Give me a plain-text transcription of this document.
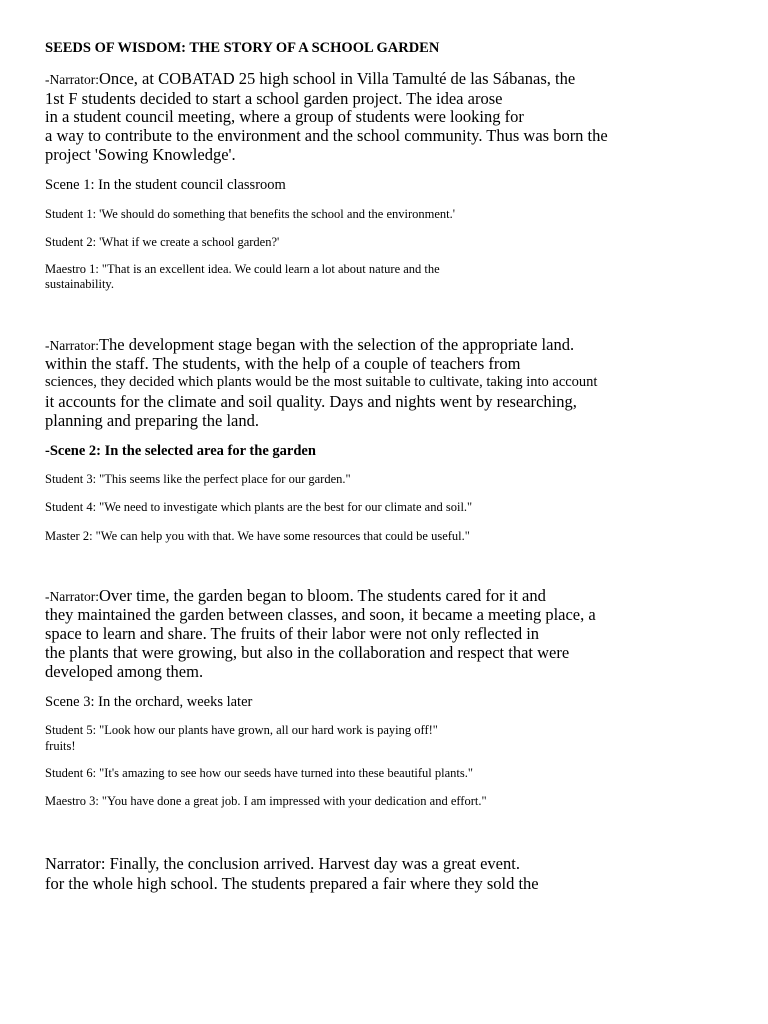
SEEDS OF WISDOM: THE STORY OF A SCHOOL GARDEN
-Narrator:Once, at COBATAD 25 high school in Villa Tamulté de las Sábanas, the
1st F students decided to start a school garden project. The idea arose
in a student council meeting, where a group of students were looking for
a way to contribute to the environment and the school community. Thus was born the
project 'Sowing Knowledge'.
Scene 1: In the student council classroom
Student 1: 'We should do something that benefits the school and the environment.'
Student 2: 'What if we create a school garden?'
Maestro 1: "That is an excellent idea. We could learn a lot about nature and the
sustainability.
-Narrator:The development stage began with the selection of the appropriate land.
within the staff. The students, with the help of a couple of teachers from
sciences, they decided which plants would be the most suitable to cultivate, taking into account
it accounts for the climate and soil quality. Days and nights went by researching,
planning and preparing the land.
-Scene 2: In the selected area for the garden
Student 3: "This seems like the perfect place for our garden."
Student 4: "We need to investigate which plants are the best for our climate and soil."
Master 2: "We can help you with that. We have some resources that could be useful."
-Narrator:Over time, the garden began to bloom. The students cared for it and
they maintained the garden between classes, and soon, it became a meeting place, a
space to learn and share. The fruits of their labor were not only reflected in
the plants that were growing, but also in the collaboration and respect that were
developed among them.
Scene 3: In the orchard, weeks later
Student 5: "Look how our plants have grown, all our hard work is paying off!"
fruits!
Student 6: "It's amazing to see how our seeds have turned into these beautiful plants."
Maestro 3: "You have done a great job. I am impressed with your dedication and effort."
Narrator: Finally, the conclusion arrived. Harvest day was a great event.
for the whole high school. The students prepared a fair where they sold the
